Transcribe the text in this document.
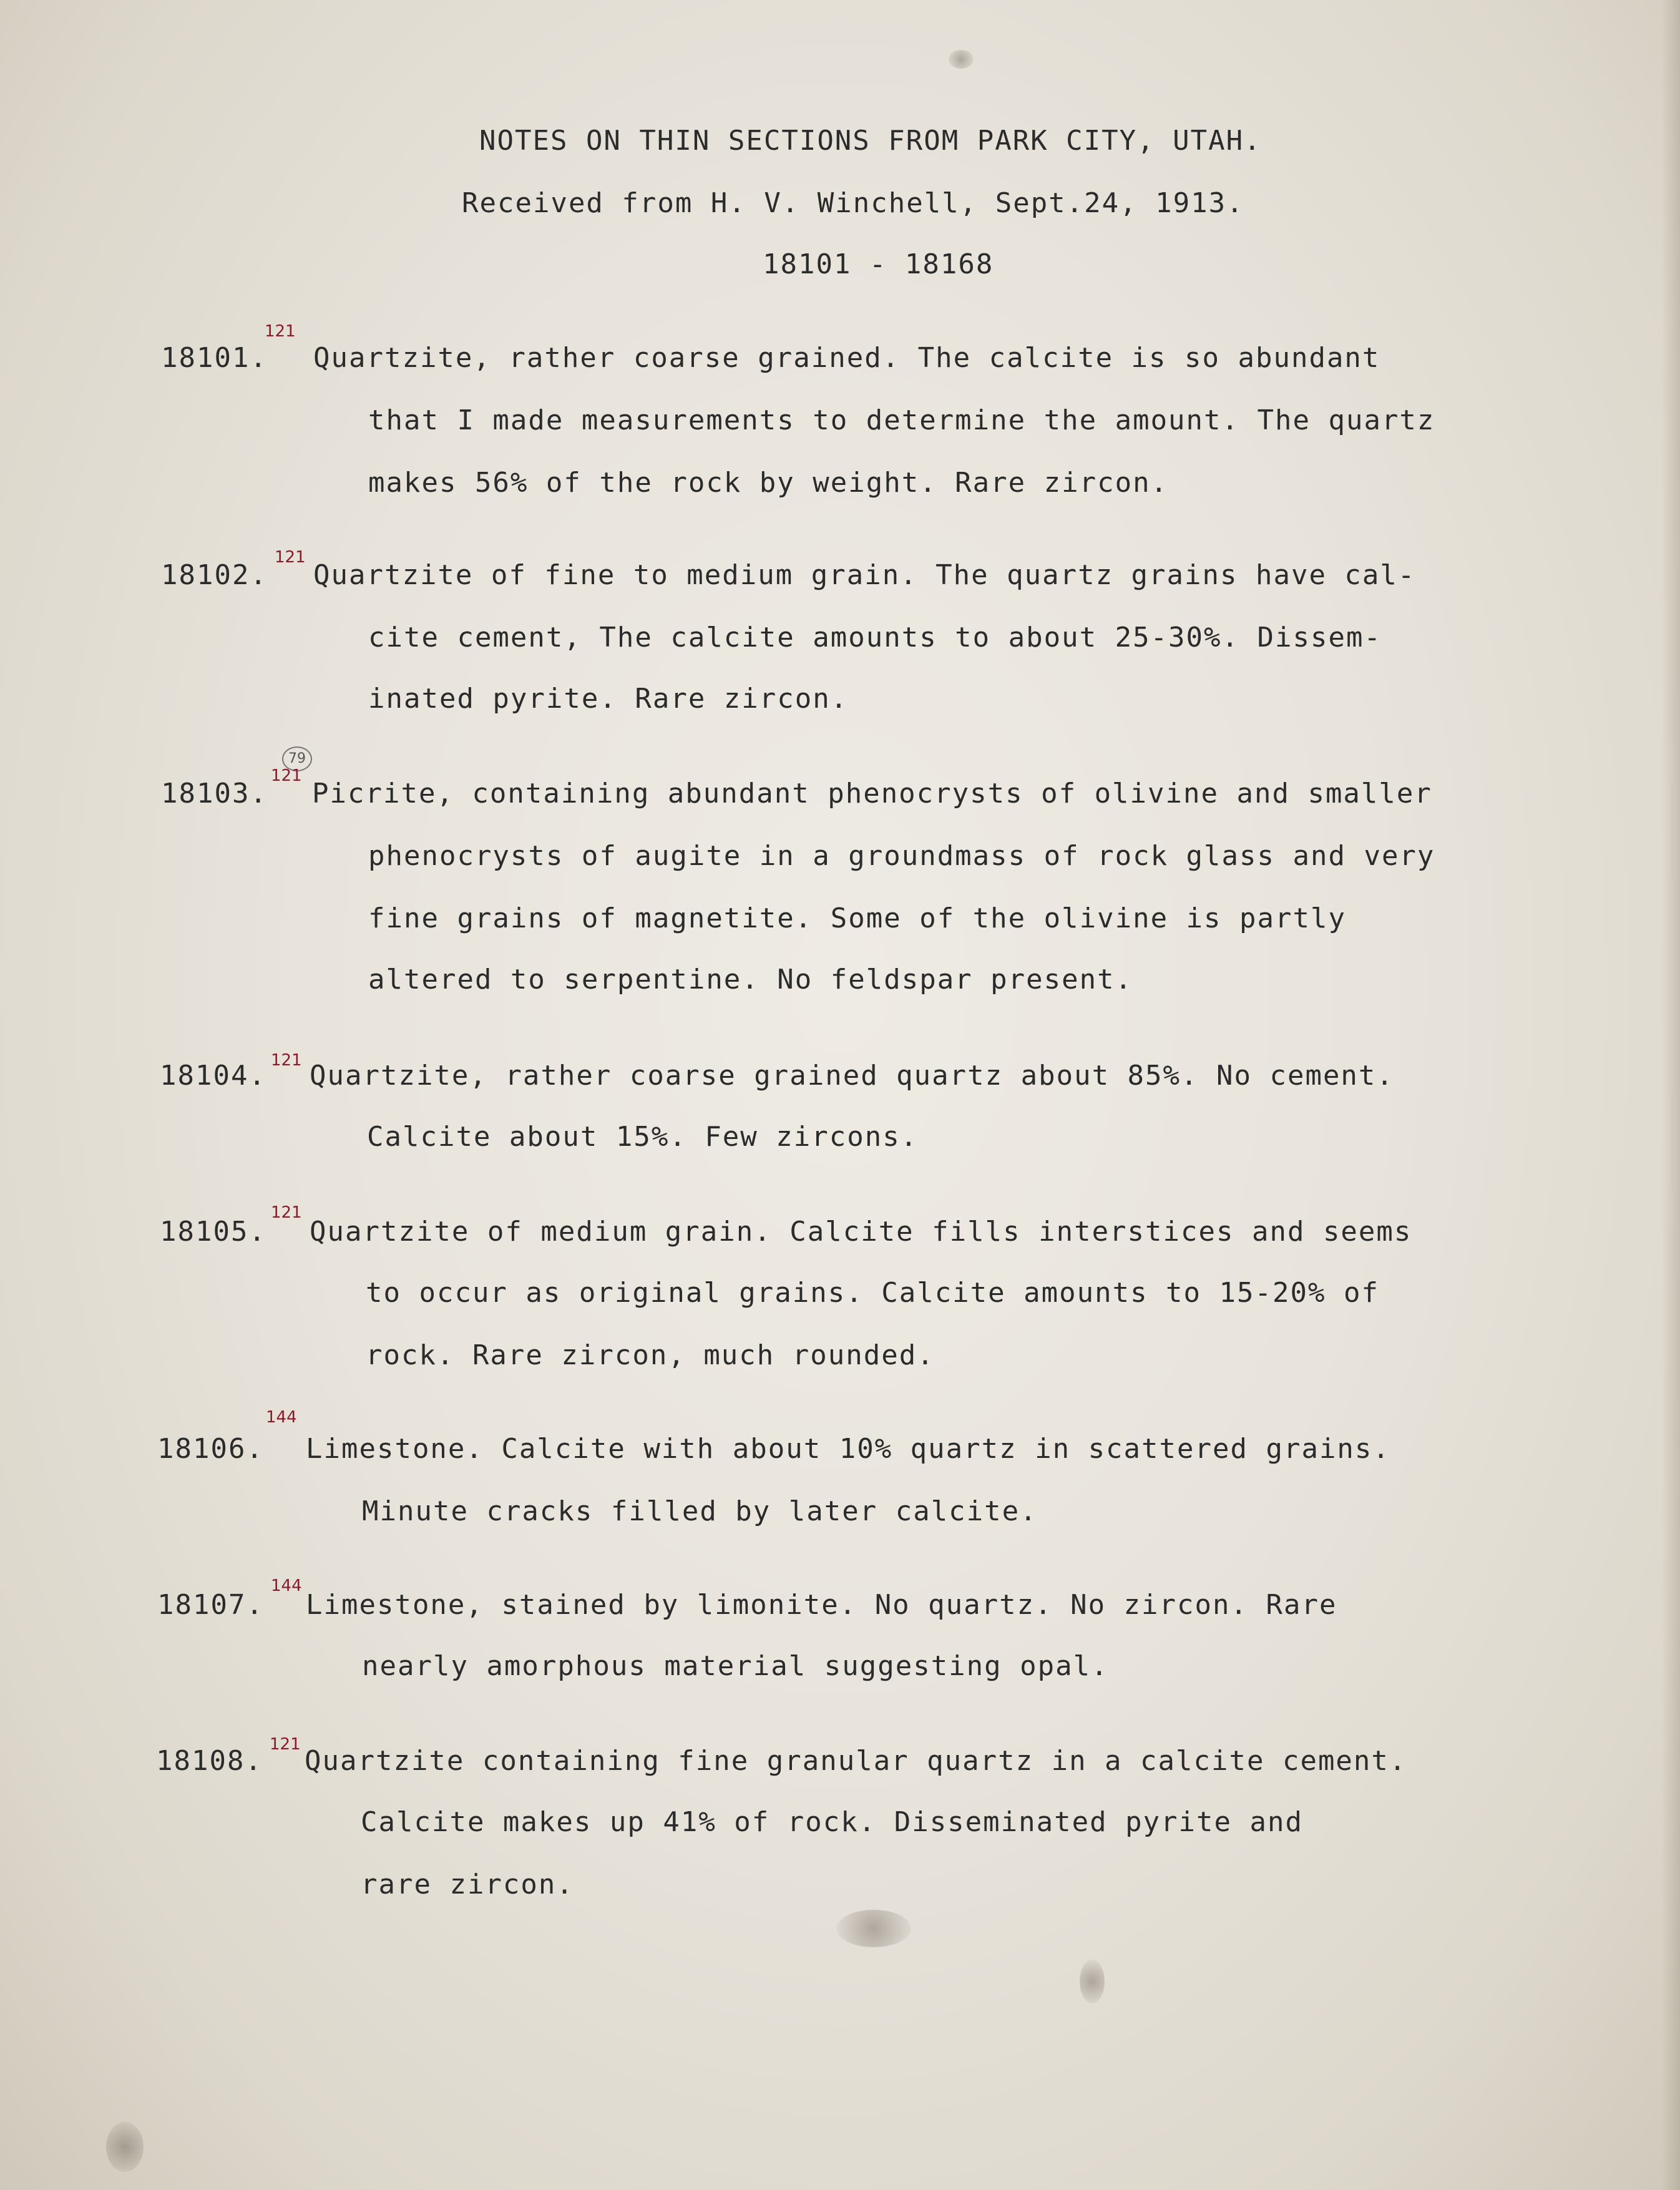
NOTES ON THIN SECTIONS FROM PARK CITY, UTAH.
Received from H. V. Winchell, Sept.24, 1913.
18101 - 18168
18101.
121
Quartzite, rather coarse grained. The calcite is so abundant
that I made measurements to determine the amount. The quartz
makes 56% of the rock by weight. Rare zircon.
18102.
121
Quartzite of fine to medium grain. The quartz grains have cal-
cite cement, The calcite amounts to about 25-30%. Dissem-
inated pyrite. Rare zircon.
79
18103.
121
Picrite, containing abundant phenocrysts of olivine and smaller
phenocrysts of augite in a groundmass of rock glass and very
fine grains of magnetite. Some of the olivine is partly
altered to serpentine. No feldspar present.
18104. 121 Quartzite, rather coarse grained quartz about 85%. No cement.
Calcite about 15%. Few zircons.
18105.
121
Quartzite of medium grain. Calcite fills interstices and seems
to occur as original grains. Calcite amounts to 15-20% of
rock. Rare zircon, much rounded.
18106.
144
Limestone. Calcite with about 10% quartz in scattered grains.
Minute cracks filled by later calcite.
18107.
144
Limestone, stained by limonite. No quartz. No zircon. Rare
nearly amorphous material suggesting opal.
18108.
121
Quartzite containing fine granular quartz in a calcite cement.
Calcite makes up 41% of rock. Disseminated pyrite and
rare zircon.
